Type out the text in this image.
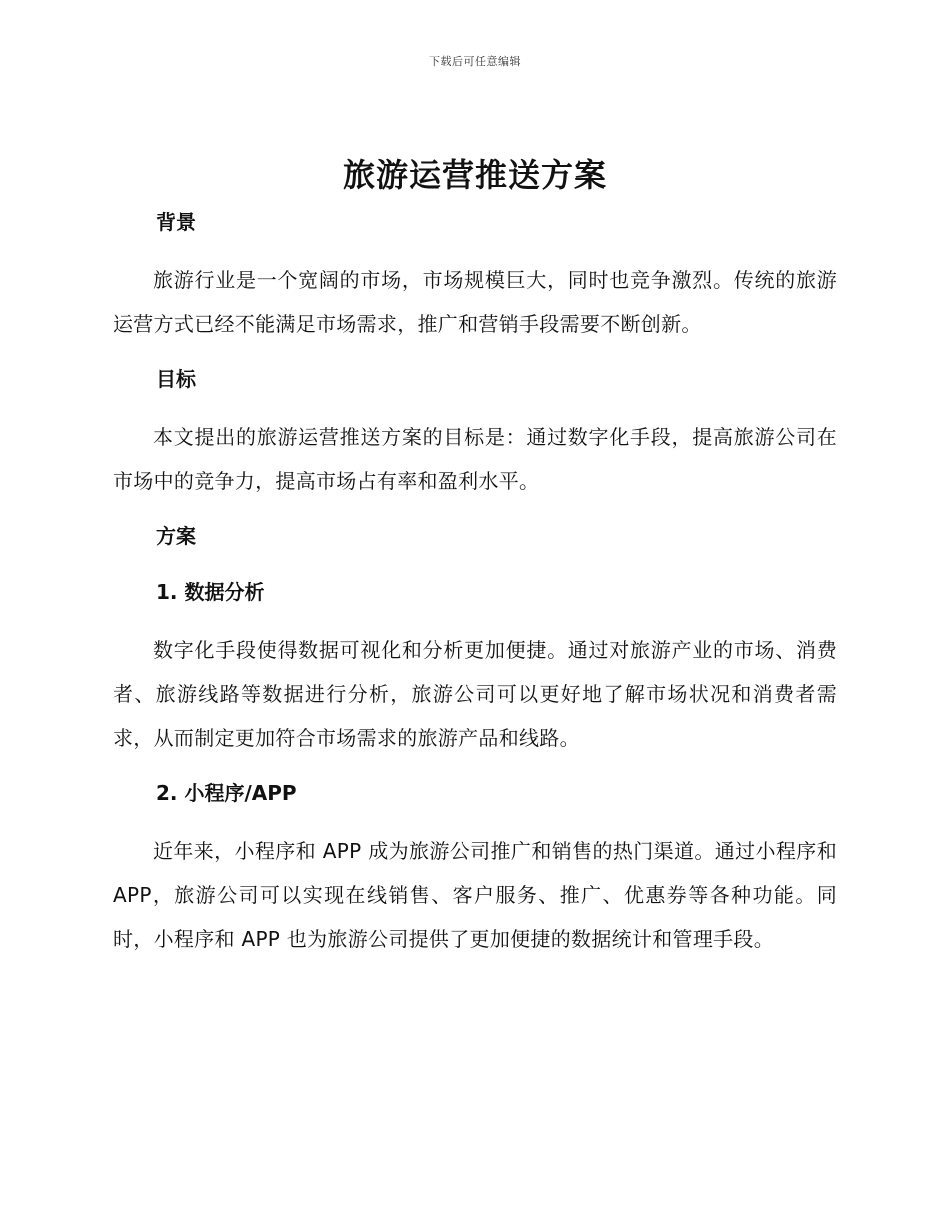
下载后可任意编辑
旅游运营推送方案
背景

旅游行业是一个宽阔的市场，市场规模巨大，同时也竞争激烈。传统的旅游运营方式已经不能满足市场需求，推广和营销手段需要不断创新。

目标

本文提出的旅游运营推送方案的目标是：通过数字化手段，提高旅游公司在市场中的竞争力，提高市场占有率和盈利水平。

方案
1. 数据分析

数字化手段使得数据可视化和分析更加便捷。通过对旅游产业的市场、消费者、旅游线路等数据进行分析，旅游公司可以更好地了解市场状况和消费者需求，从而制定更加符合市场需求的旅游产品和线路。

2. 小程序/APP

近年来，小程序和 APP 成为旅游公司推广和销售的热门渠道。通过小程序和 APP，旅游公司可以实现在线销售、客户服务、推广、优惠券等各种功能。同时，小程序和 APP 也为旅游公司提供了更加便捷的数据统计和管理手段。
